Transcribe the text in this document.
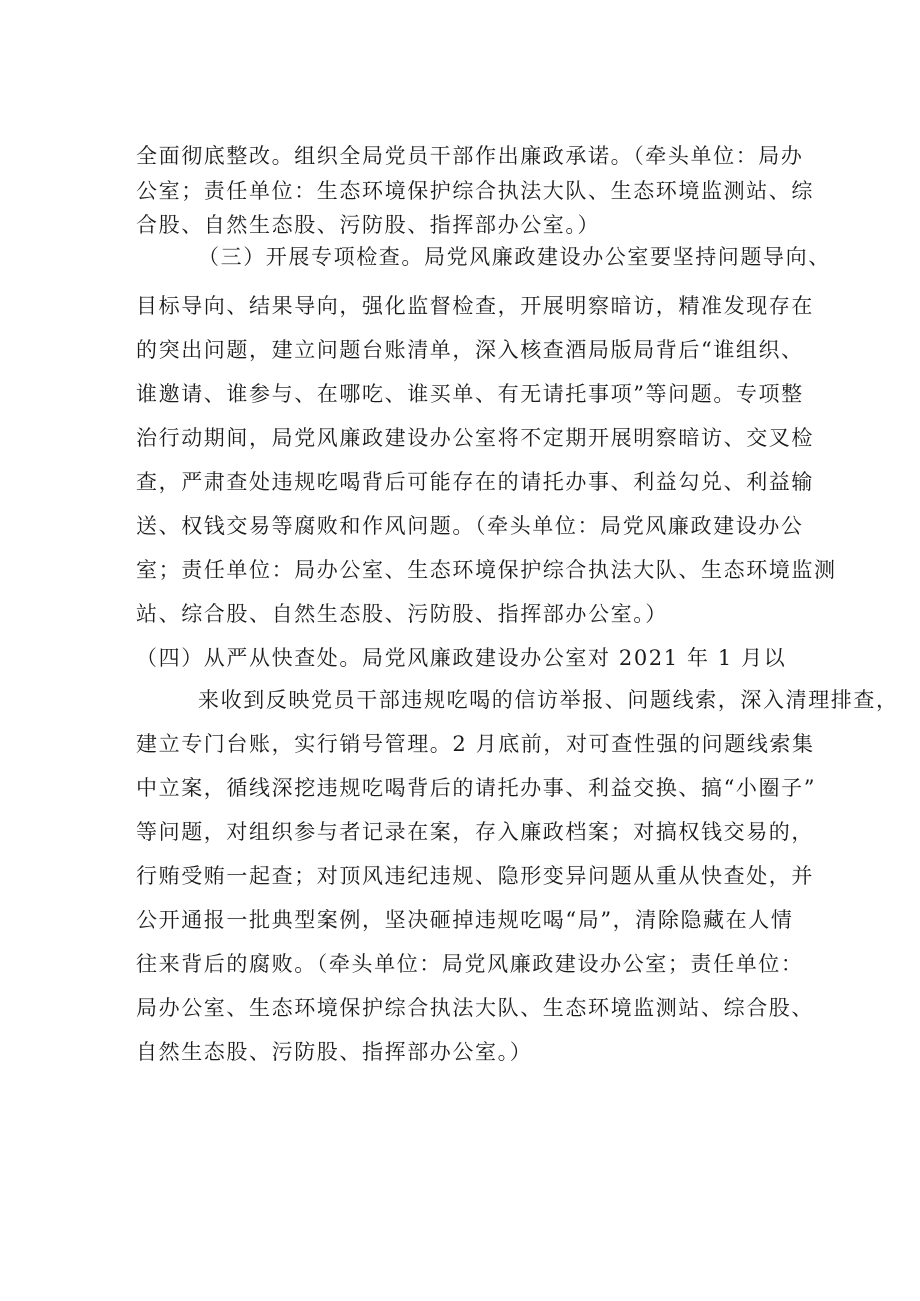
全面彻底整改。组织全局党员干部作出廉政承诺。（牵头单位：局办
公室；责任单位：生态环境保护综合执法大队、生态环境监测站、综
合股、自然生态股、污防股、指挥部办公室。）
（三）开展专项检查。局党风廉政建设办公室要坚持问题导向、
目标导向、结果导向，强化监督检查，开展明察暗访，精准发现存在
的突出问题，建立问题台账清单，深入核查酒局版局背后“谁组织、
谁邀请、谁参与、在哪吃、谁买单、有无请托事项”等问题。专项整
治行动期间，局党风廉政建设办公室将不定期开展明察暗访、交叉检
查，严肃查处违规吃喝背后可能存在的请托办事、利益勾兑、利益输
送、权钱交易等腐败和作风问题。（牵头单位：局党风廉政建设办公
室；责任单位：局办公室、生态环境保护综合执法大队、生态环境监测
站、综合股、自然生态股、污防股、指挥部办公室。）
（四）从严从快查处。局党风廉政建设办公室对 2021 年 1 月以
来收到反映党员干部违规吃喝的信访举报、问题线索，深入清理排查，
建立专门台账，实行销号管理。2 月底前，对可查性强的问题线索集
中立案，循线深挖违规吃喝背后的请托办事、利益交换、搞“小圈子”
等问题，对组织参与者记录在案，存入廉政档案；对搞权钱交易的，
行贿受贿一起查；对顶风违纪违规、隐形变异问题从重从快查处，并
公开通报一批典型案例，坚决砸掉违规吃喝“局”，清除隐藏在人情
往来背后的腐败。（牵头单位：局党风廉政建设办公室；责任单位：
局办公室、生态环境保护综合执法大队、生态环境监测站、综合股、
自然生态股、污防股、指挥部办公室。）
